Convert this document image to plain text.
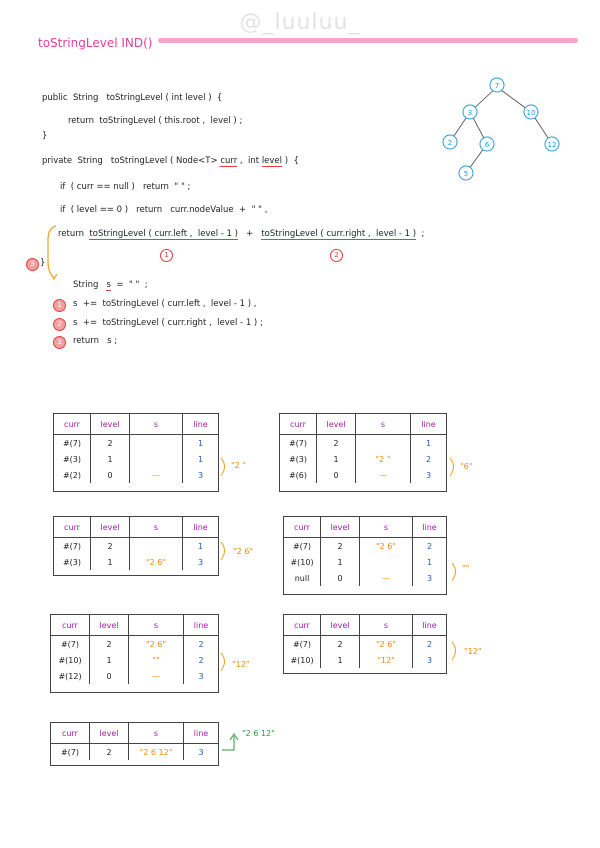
@_luuluu_
toStringLevel IND()
public  String   toStringLevel ( int level )  {
return  toStringLevel ( this.root ,  level ) ;
}
private  String   toStringLevel ( Node<T> curr ,  int level )  {
if  ( curr == null )   return  " " ;
if  ( level == 0 )   return   curr.nodeValue  +  " " ,
return  toStringLevel ( curr.left ,  level - 1 )   +   toStringLevel ( curr.right ,  level - 1 )  ;
1	2
3 }
String   s  =  " "  ;
1	s  +=  toStringLevel ( curr.left ,  level - 1 ) ,
2	s  +=  toStringLevel ( curr.right ,  level - 1 ) ;
3	return   s ;
7
3	10
2	6	12
5
curr	level	s	line
#(7)	2		1
#(3)	1		1
#(2)	0	—	3
"2 "
curr	level	s	line
#(7)	2		1
#(3)	1	"2 "	2
#(6)	0	—	3
"6"
curr	level	s	line
#(7)	2		1
#(3)	1	"2 6"	3
"2 6"
curr	level	s	line
#(7)	2	"2 6"	2
#(10)	1		1
null	0	—	3
""
curr	level	s	line
#(7)	2	"2 6"	2
#(10)	1	""	2
#(12)	0	—	3
"12"
curr	level	s	line
#(7)	2	"2 6"	2
#(10)	1	"12"	3
"12"
curr	level	s	line
#(7)	2	"2 6 12"	3
"2 6 12"
